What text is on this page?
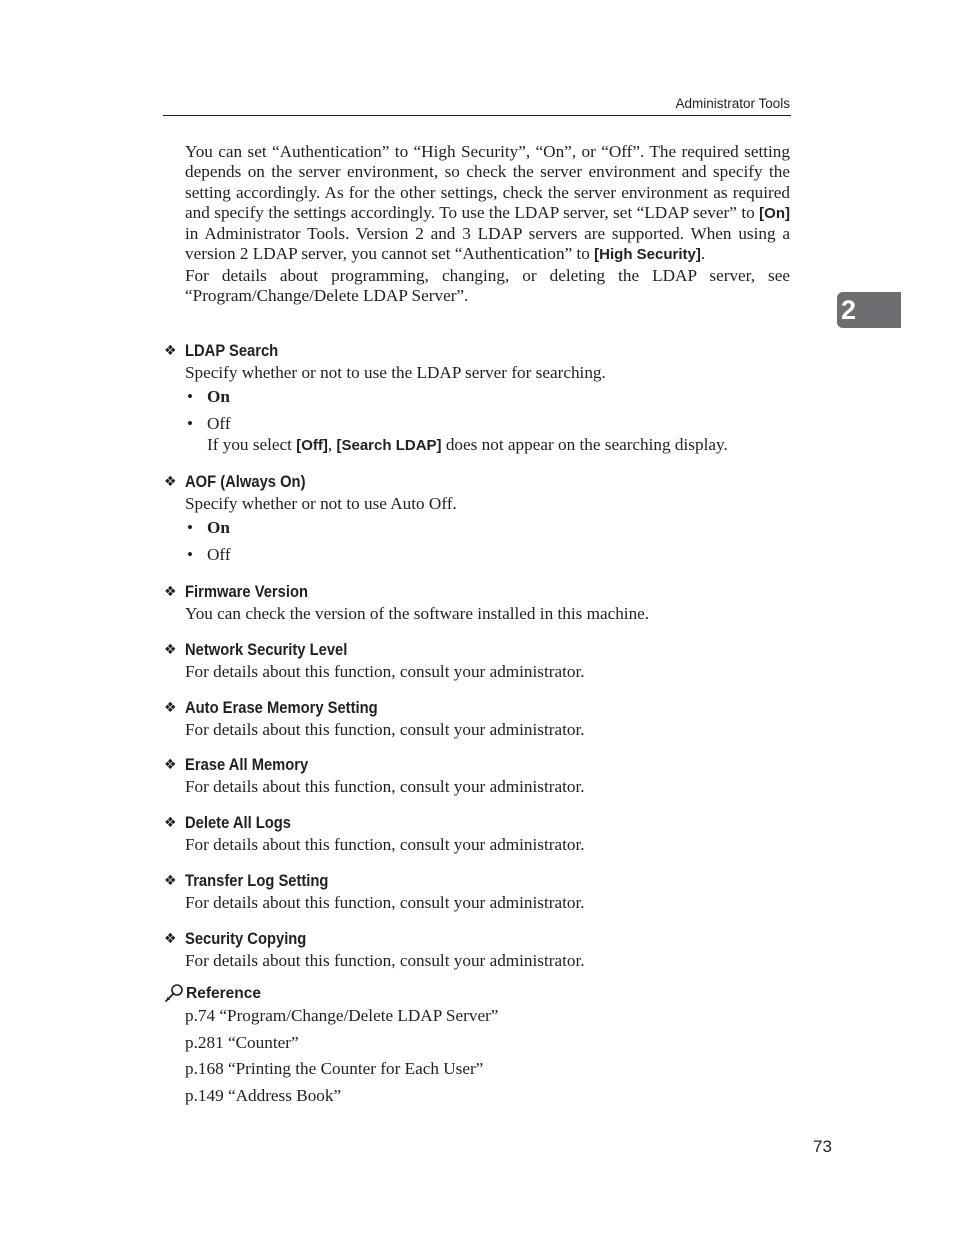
Administrator Tools
2

You can set “Authentication” to “High Security”, “On”, or “Off”. The required setting depends on the server environment, so check the server environment and specify the setting accordingly. As for the other settings, check the server environment as required and specify the settings accordingly. To use the LDAP server, set “LDAP sever” to [On] in Administrator Tools. Version 2 and 3 LDAP servers are supported. When using a version 2 LDAP server, you cannot set “Authentication” to [High Security].

For details about programming, changing, or deleting the LDAP server, see “Program/Change/Delete LDAP Server”.

❖ LDAP Search
Specify whether or not to use the LDAP server for searching.
• On
• Off
If you select [Off], [Search LDAP] does not appear on the searching display.
❖ AOF (Always On)
Specify whether or not to use Auto Off.
• On
• Off
❖ Firmware Version
You can check the version of the software installed in this machine.
❖ Network Security Level
For details about this function, consult your administrator.
❖ Auto Erase Memory Setting
For details about this function, consult your administrator.
❖ Erase All Memory
For details about this function, consult your administrator.
❖ Delete All Logs
For details about this function, consult your administrator.
❖ Transfer Log Setting
For details about this function, consult your administrator.
❖ Security Copying
For details about this function, consult your administrator.
Reference
p.74 “Program/Change/Delete LDAP Server”
p.281 “Counter”
p.168 “Printing the Counter for Each User”
p.149 “Address Book”
73
